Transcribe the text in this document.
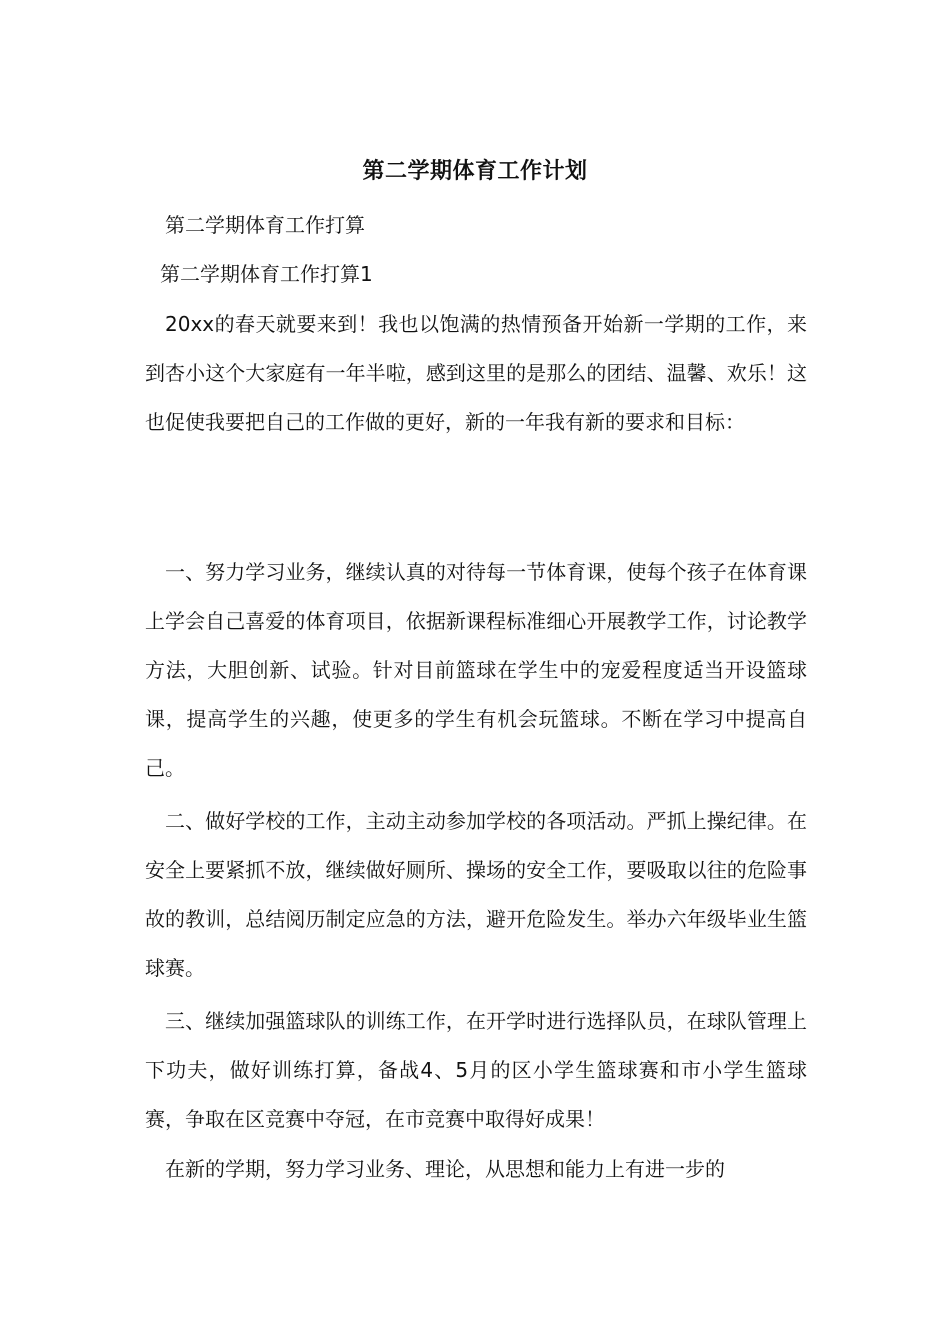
第二学期体育工作计划
第二学期体育工作打算
第二学期体育工作打算1
20xx的春天就要来到！我也以饱满的热情预备开始新一学期的工作，来到杏小这个大家庭有一年半啦，感到这里的是那么的团结、温馨、欢乐！这也促使我要把自己的工作做的更好，新的一年我有新的要求和目标：
一、努力学习业务，继续认真的对待每一节体育课，使每个孩子在体育课上学会自己喜爱的体育项目，依据新课程标准细心开展教学工作，讨论教学方法，大胆创新、试验。针对目前篮球在学生中的宠爱程度适当开设篮球课，提高学生的兴趣，使更多的学生有机会玩篮球。不断在学习中提高自己。
二、做好学校的工作，主动主动参加学校的各项活动。严抓上操纪律。在安全上要紧抓不放，继续做好厕所、操场的安全工作，要吸取以往的危险事故的教训，总结阅历制定应急的方法，避开危险发生。举办六年级毕业生篮球赛。
三、继续加强篮球队的训练工作，在开学时进行选择队员，在球队管理上下功夫，做好训练打算，备战4、5月的区小学生篮球赛和市小学生篮球赛，争取在区竞赛中夺冠，在市竞赛中取得好成果！
在新的学期，努力学习业务、理论，从思想和能力上有进一步的
